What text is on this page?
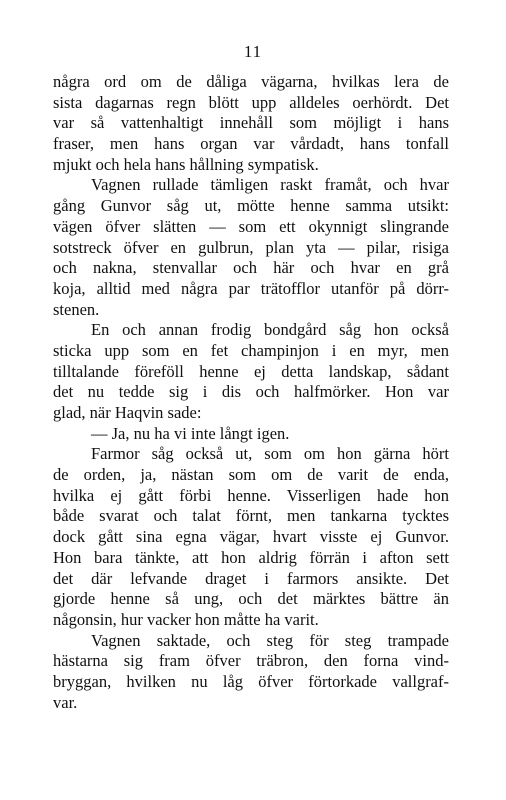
11
några ord om de dåliga vägarna, hvilkas lera de
sista dagarnas regn blött upp alldeles oerhördt. Det
var så vattenhaltigt innehåll som möjligt i hans
fraser, men hans organ var vårdadt, hans tonfall
mjukt och hela hans hållning sympatisk.
Vagnen rullade tämligen raskt framåt, och hvar
gång Gunvor såg ut, mötte henne samma utsikt:
vägen öfver slätten — som ett okynnigt slingrande
sotstreck öfver en gulbrun, plan yta — pilar, risiga
och nakna, stenvallar och här och hvar en grå
koja, alltid med några par trätofflor utanför på dörr-
stenen.
En och annan frodig bondgård såg hon också
sticka upp som en fet champinjon i en myr, men
tilltalande föreföll henne ej detta landskap, sådant
det nu tedde sig i dis och halfmörker. Hon var
glad, när Haqvin sade:
— Ja, nu ha vi inte långt igen.
Farmor såg också ut, som om hon gärna hört
de orden, ja, nästan som om de varit de enda,
hvilka ej gått förbi henne. Visserligen hade hon
både svarat och talat förnt, men tankarna tycktes
dock gått sina egna vägar, hvart visste ej Gunvor.
Hon bara tänkte, att hon aldrig förrän i afton sett
det där lefvande draget i farmors ansikte. Det
gjorde henne så ung, och det märktes bättre än
någonsin, hur vacker hon måtte ha varit.
Vagnen saktade, och steg för steg trampade
hästarna sig fram öfver träbron, den forna vind-
bryggan, hvilken nu låg öfver förtorkade vallgraf-
var.
